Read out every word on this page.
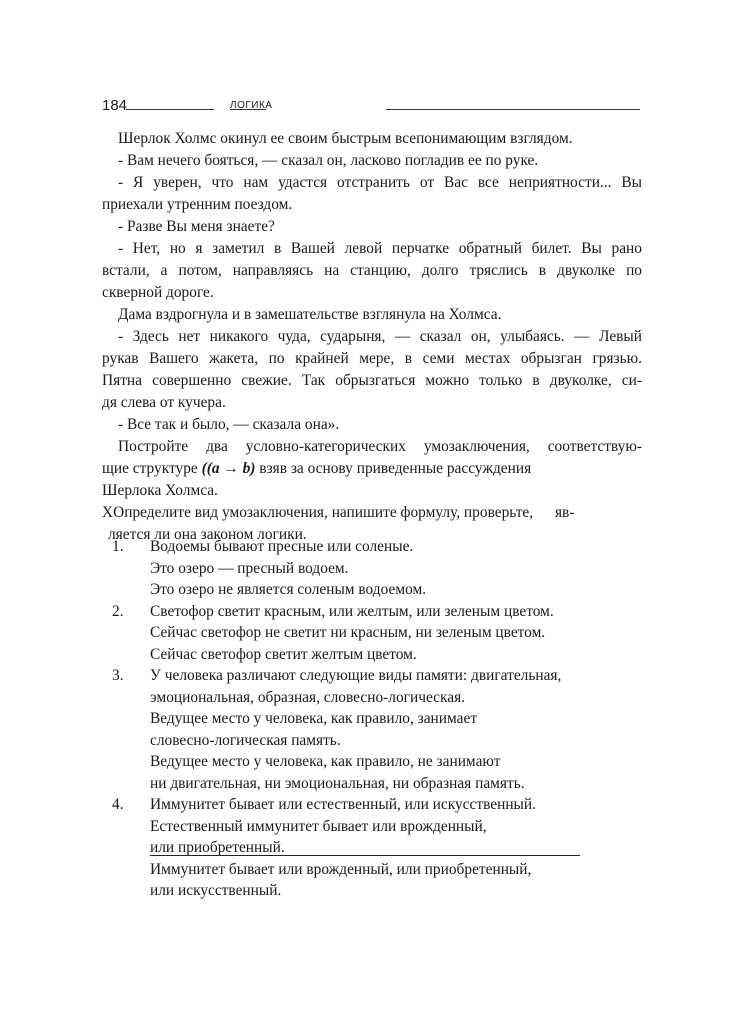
184	ЛОГИКА
Шерлок Холмс окинул ее своим быстрым всепонимающим взглядом.
- Вам нечего бояться, — сказал он, ласково погладив ее по руке.
- Я уверен, что нам удастся отстранить от Вас все неприятности... Вы
приехали утренним поездом.
- Разве Вы меня знаете?
- Нет, но я заметил в Вашей левой перчатке обратный билет. Вы рано
встали, а потом, направляясь на станцию, долго тряслись в двуколке по
скверной дороге.
Дама вздрогнула и в замешательстве взглянула на Холмса.
- Здесь нет никакого чуда, сударыня, — сказал он, улыбаясь. — Левый
рукав Вашего жакета, по крайней мере, в семи местах обрызган грязью.
Пятна совершенно свежие. Так обрызгаться можно только в двуколке, си-
дя слева от кучера.
- Все так и было, — сказала она».
Постройте два условно-категорических умозаключения, соответствую-
щие структуре ((a → b) взяв за основу приведенные рассуждения
Шерлока Холмса.
XОпределите вид умозаключения, напишите формулу, проверьте, яв-
ляется ли она законом логики.
1. Водоемы бывают пресные или соленые.
Это озеро — пресный водоем.
Это озеро не является соленым водоемом.
2. Светофор светит красным, или желтым, или зеленым цветом.
Сейчас светофор не светит ни красным, ни зеленым цветом.
Сейчас светофор светит желтым цветом.
3. У человека различают следующие виды памяти: двигательная,
эмоциональная, образная, словесно-логическая.
Ведущее место у человека, как правило, занимает
словесно-логическая память.
Ведущее место у человека, как правило, не занимают
ни двигательная, ни эмоциональная, ни образная память.
4. Иммунитет бывает или естественный, или искусственный.
Естественный иммунитет бывает или врожденный,
или приобретенный.
Иммунитет бывает или врожденный, или приобретенный,
или искусственный.
